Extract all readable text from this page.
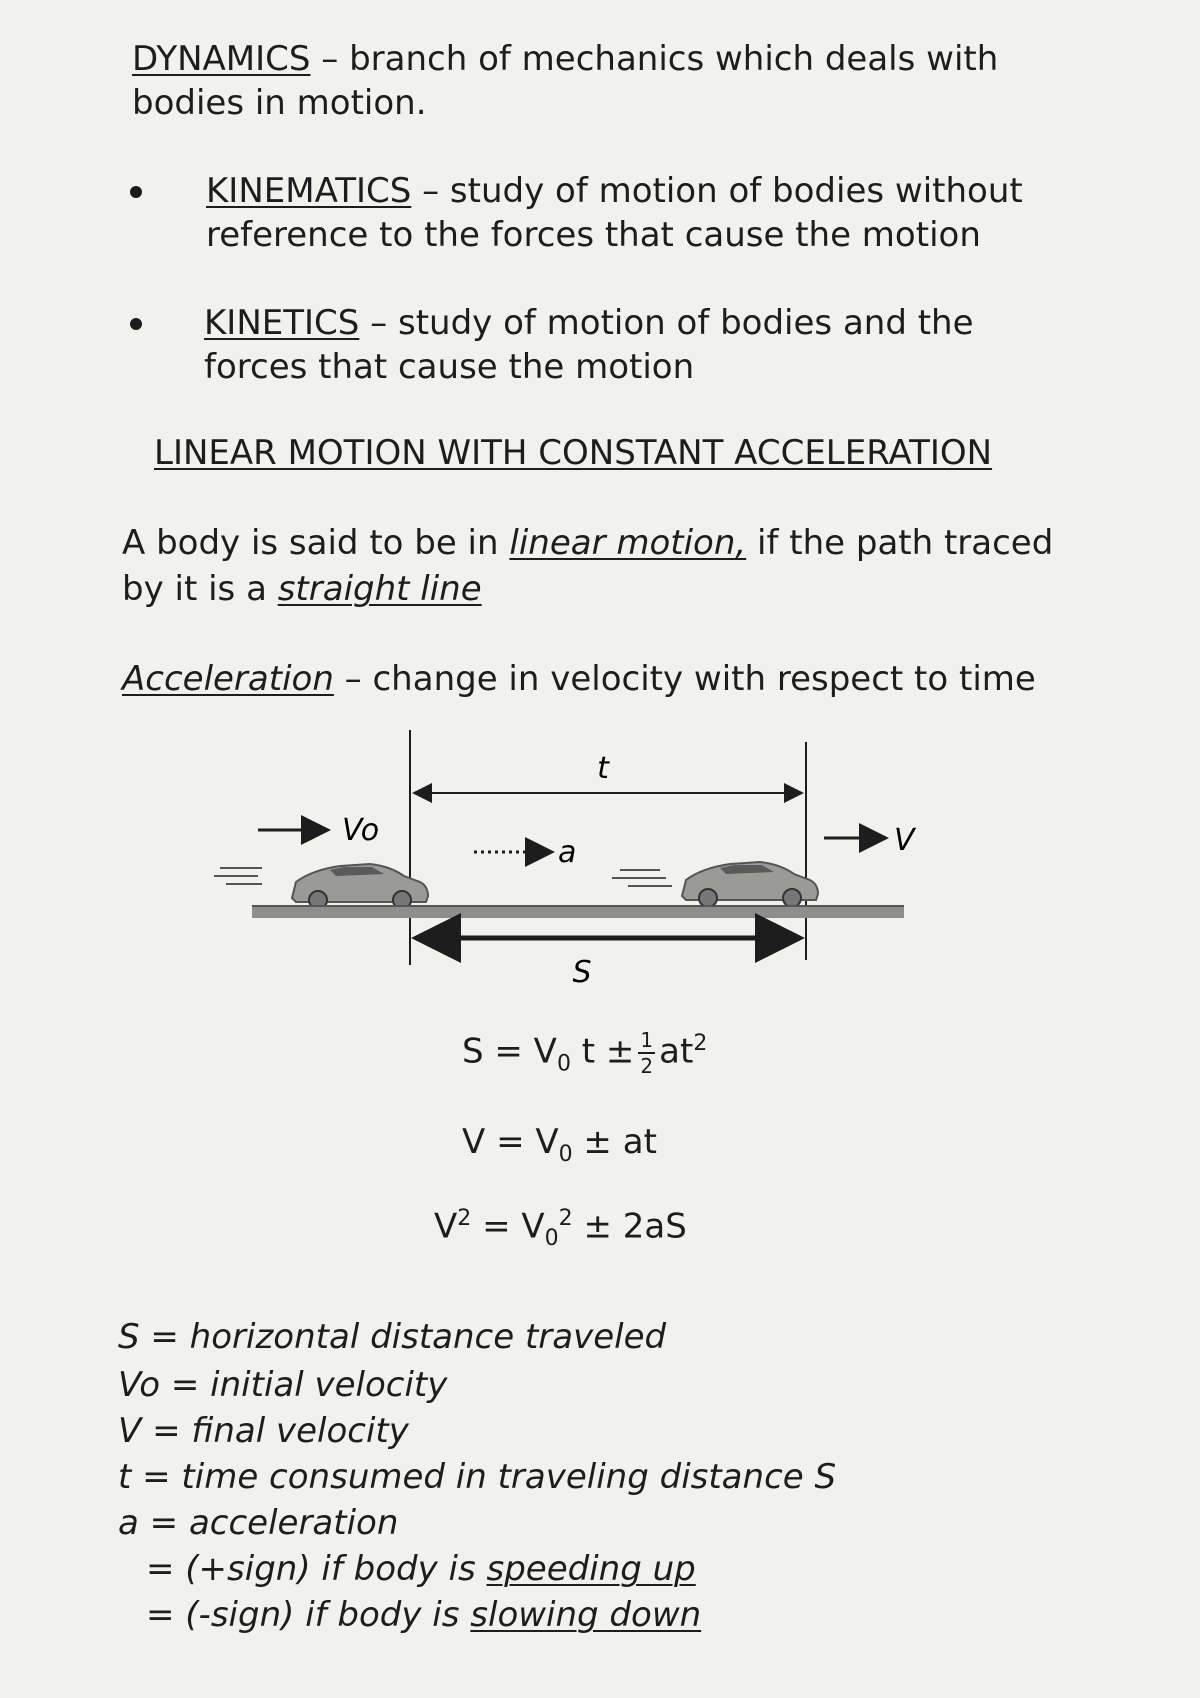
DYNAMICS – branch of mechanics which deals with
bodies in motion.
KINEMATICS – study of motion of bodies without
reference to the forces that cause the motion
KINETICS – study of motion of bodies and the
forces that cause the motion
LINEAR MOTION WITH CONSTANT ACCELERATION
A body is said to be in linear motion, if the path traced
by it is a straight line
Acceleration – change in velocity with respect to time
t
Vo
a	V
S
$S = V_0$ $t \pm \frac{1}{2} at^2$
$V = V_0$ ± at
$V^2 = V_0^2 \pm 2aS$
S = horizontal distance traveled
Vo = initial velocity
V = final velocity
t = time consumed in traveling distance S
a = acceleration
= (+sign) if body is speeding up
= (-sign) if body is slowing down
